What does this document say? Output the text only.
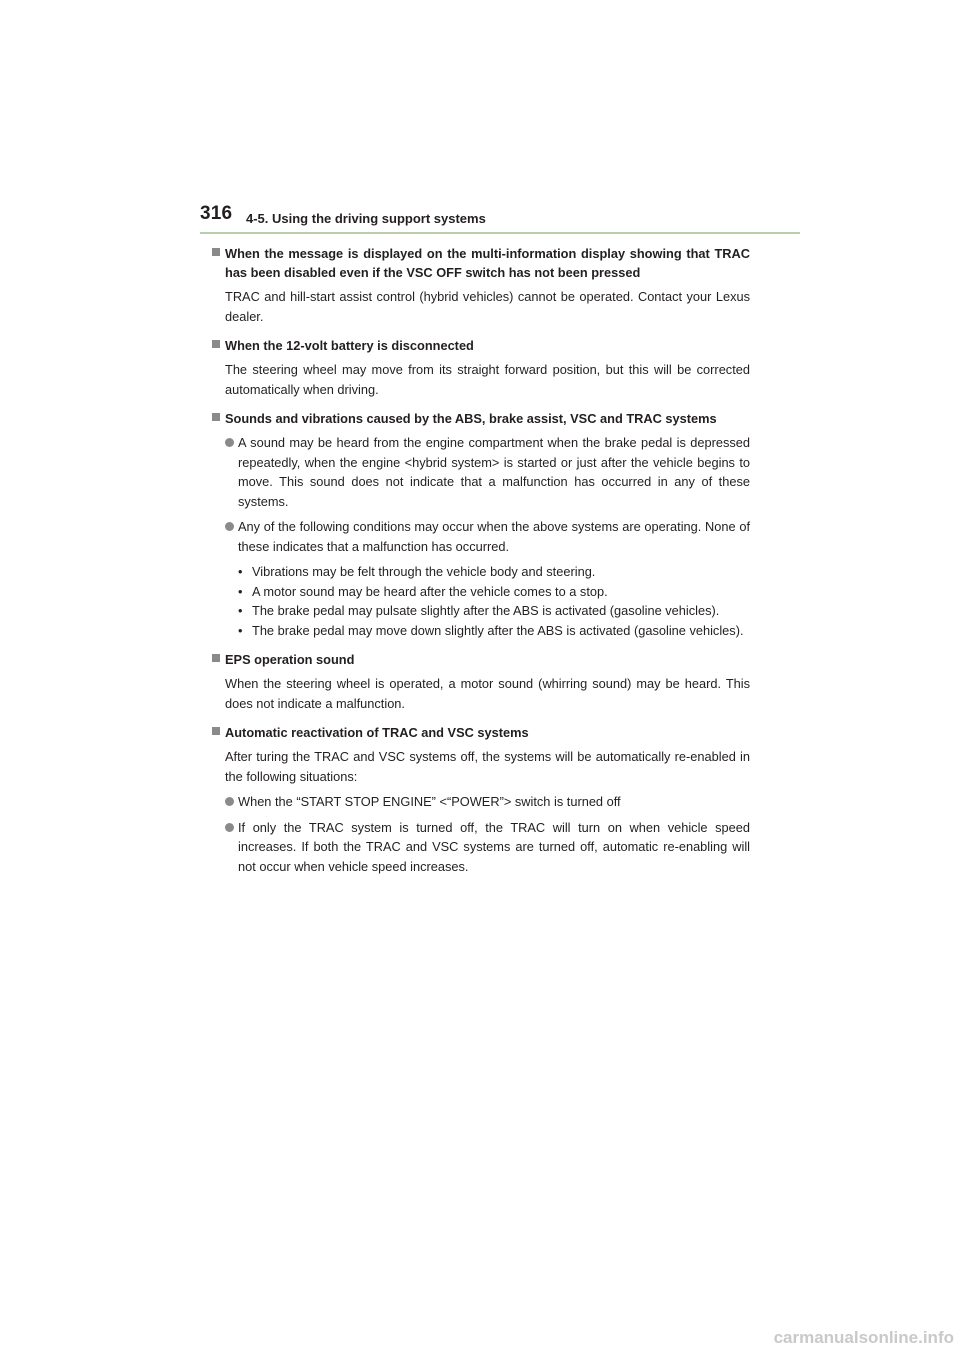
316 4-5. Using the driving support systems
When the message is displayed on the multi-information display showing that TRAC has been disabled even if the VSC OFF switch has not been pressed
TRAC and hill-start assist control (hybrid vehicles) cannot be operated. Contact your Lexus dealer.
When the 12-volt battery is disconnected
The steering wheel may move from its straight forward position, but this will be corrected automatically when driving.
Sounds and vibrations caused by the ABS, brake assist, VSC and TRAC systems
A sound may be heard from the engine compartment when the brake pedal is depressed repeatedly, when the engine <hybrid system> is started or just after the vehicle begins to move. This sound does not indicate that a malfunction has occurred in any of these systems.
Any of the following conditions may occur when the above systems are operating. None of these indicates that a malfunction has occurred.
• Vibrations may be felt through the vehicle body and steering.
• A motor sound may be heard after the vehicle comes to a stop.
• The brake pedal may pulsate slightly after the ABS is activated (gasoline vehicles).
• The brake pedal may move down slightly after the ABS is activated (gasoline vehicles).
EPS operation sound
When the steering wheel is operated, a motor sound (whirring sound) may be heard. This does not indicate a malfunction.
Automatic reactivation of TRAC and VSC systems
After turing the TRAC and VSC systems off, the systems will be automatically re-enabled in the following situations:
When the “START STOP ENGINE” <“POWER”> switch is turned off
If only the TRAC system is turned off, the TRAC will turn on when vehicle speed increases. If both the TRAC and VSC systems are turned off, automatic re-enabling will not occur when vehicle speed increases.
carmanualsonline.info
